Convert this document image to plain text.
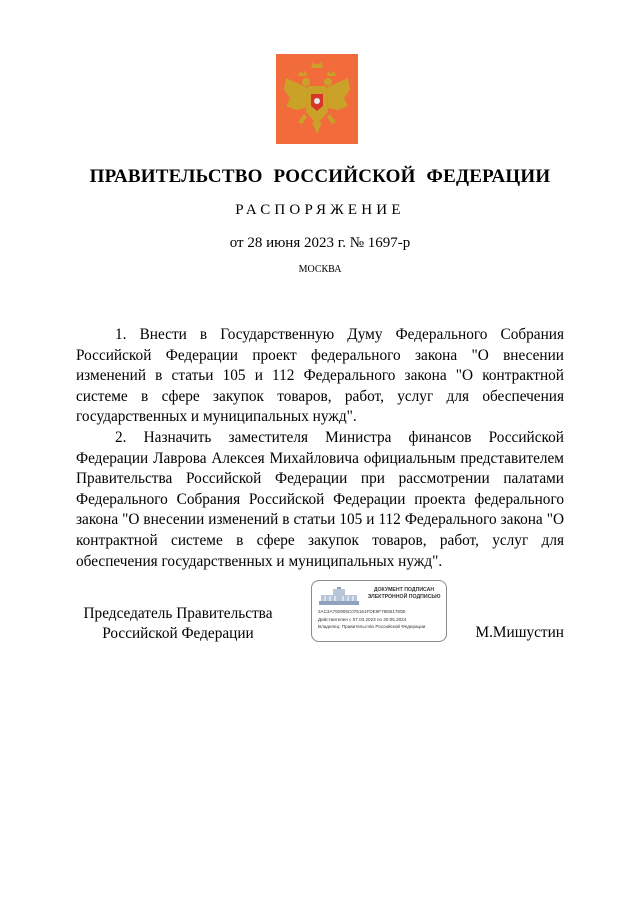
ПРАВИТЕЛЬСТВО РОССИЙСКОЙ ФЕДЕРАЦИИ
РАСПОРЯЖЕНИЕ
от 28 июня 2023 г. № 1697-р
МОСКВА

1. Внести в Государственную Думу Федерального Собрания Российской Федерации проект федерального закона "О внесении изменений в статьи 105 и 112 Федерального закона "О контрактной системе в сфере закупок товаров, работ, услуг для обеспечения государственных и муниципальных нужд".

2. Назначить заместителя Министра финансов Российской Федерации Лаврова Алексея Михайловича официальным представителем Правительства Российской Федерации при рассмотрении палатами Федерального Собрания Российской Федерации проекта федерального закона "О внесении изменений в статьи 105 и 112 Федерального закона "О контрактной системе в сфере закупок товаров, работ, услуг для обеспечения государственных и муниципальных нужд".

Председатель Правительства
Российской Федерации
ДОКУМЕНТ ПОДПИСАН
ЭЛЕКТРОННОЙ ПОДПИСЬЮ
2AC3A792905C07616​1FDE9F78EB1780E
Действителен с 07.03.2023 по 30.05.2024
Владелец: Правительство Российской Федерации	М.Мишустин
